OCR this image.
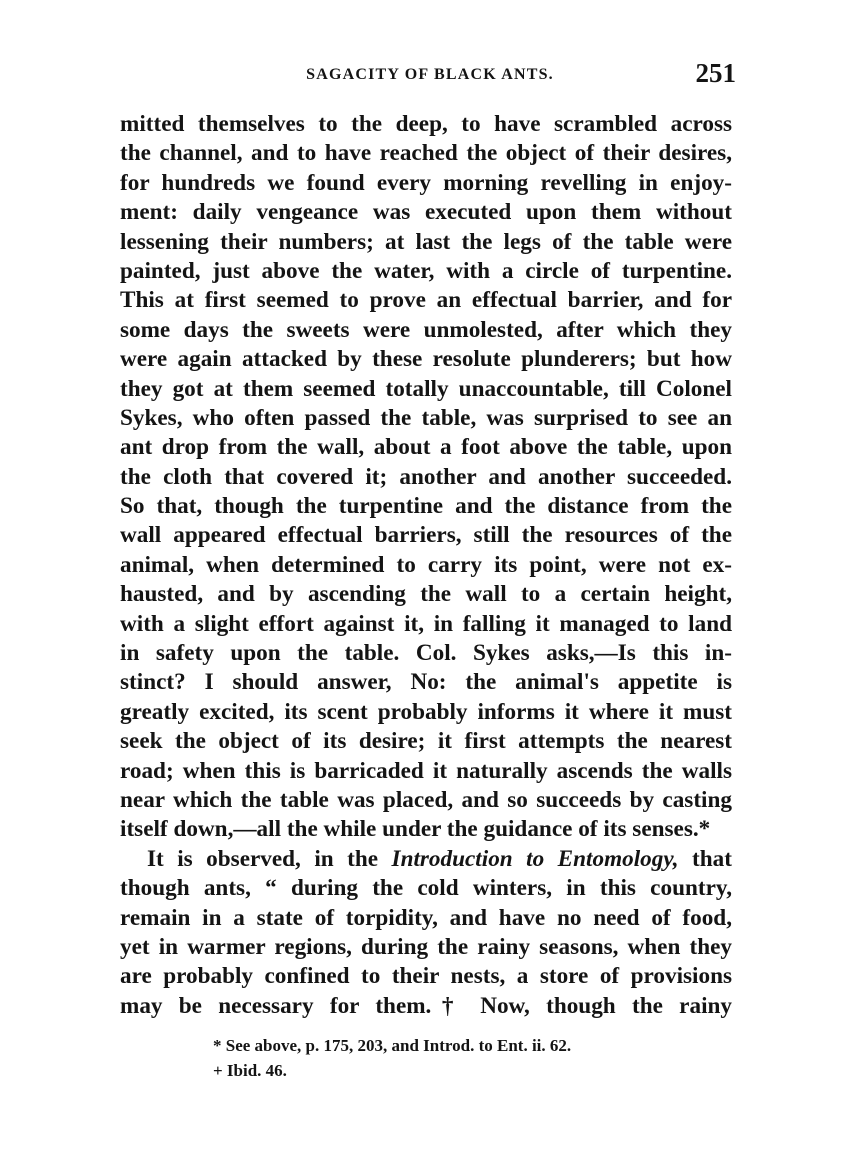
SAGACITY OF BLACK ANTS.	251
mitted themselves to the deep, to have scrambled across
the channel, and to have reached the object of their desires,
for hundreds we found every morning revelling in enjoy-
ment: daily vengeance was executed upon them without
lessening their numbers; at last the legs of the table were
painted, just above the water, with a circle of turpentine.
This at first seemed to prove an effectual barrier, and for
some days the sweets were unmolested, after which they
were again attacked by these resolute plunderers; but how
they got at them seemed totally unaccountable, till Colonel
Sykes, who often passed the table, was surprised to see an
ant drop from the wall, about a foot above the table, upon
the cloth that covered it; another and another succeeded.
So that, though the turpentine and the distance from the
wall appeared effectual barriers, still the resources of the
animal, when determined to carry its point, were not ex-
hausted, and by ascending the wall to a certain height,
with a slight effort against it, in falling it managed to land
in safety upon the table. Col. Sykes asks,—Is this in-
stinct? I should answer, No: the animal's appetite is
greatly excited, its scent probably informs it where it must
seek the object of its desire; it first attempts the nearest
road; when this is barricaded it naturally ascends the walls
near which the table was placed, and so succeeds by casting
itself down,—all the while under the guidance of its senses.*
It is observed, in the Introduction to Entomology, that
though ants, “ during the cold winters, in this country,
remain in a state of torpidity, and have no need of food,
yet in warmer regions, during the rainy seasons, when they
are probably confined to their nests, a store of provisions
may be necessary for them.† Now, though the rainy
* See above, p. 175, 203, and Introd. to Ent. ii. 62.
+ Ibid. 46.
